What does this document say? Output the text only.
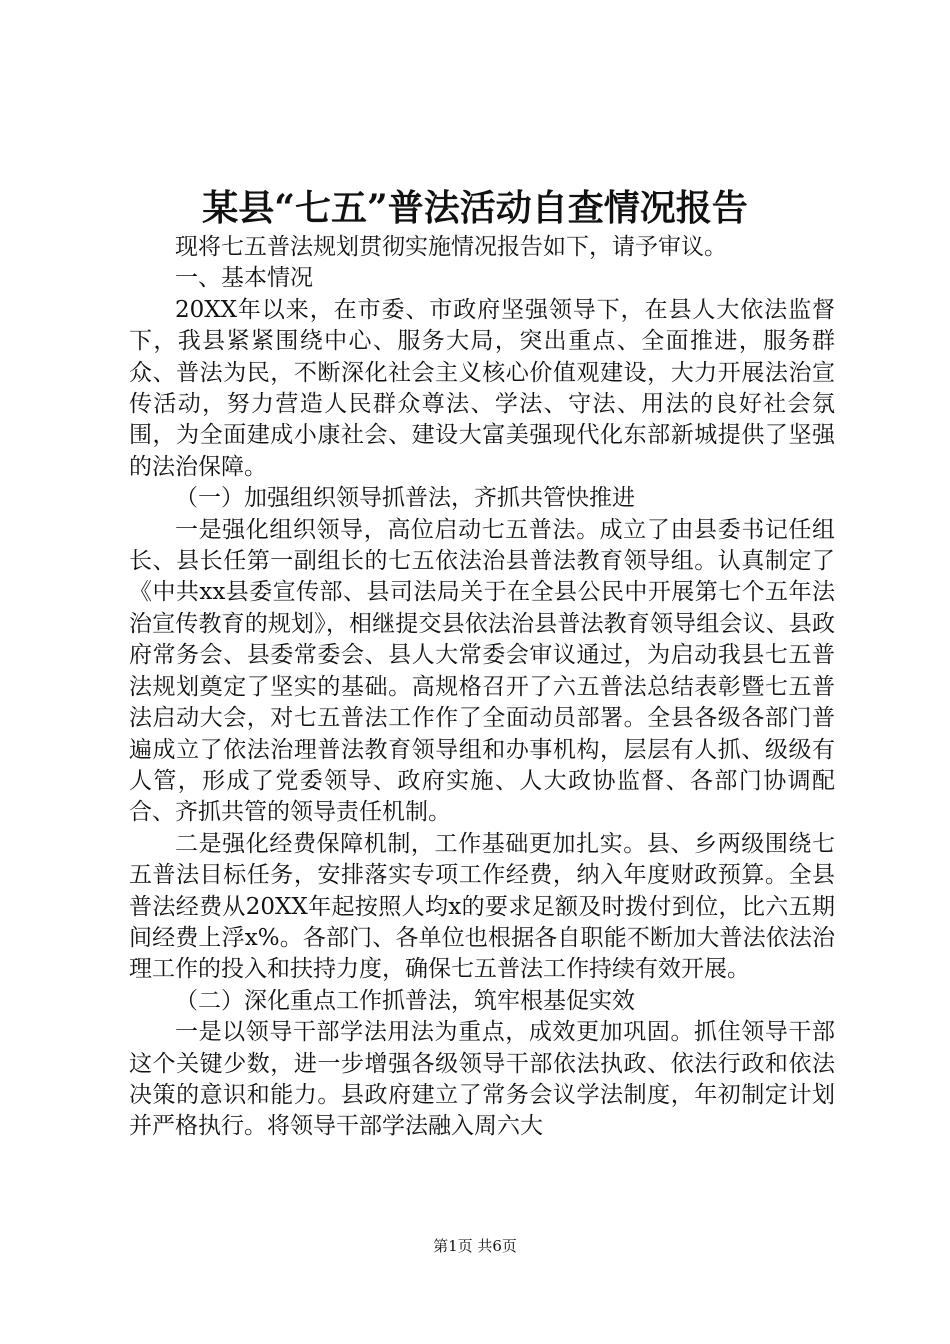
某县“七五”普法活动自查情况报告

现将七五普法规划贯彻实施情况报告如下，请予审议。

一、基本情况

20XX年以来，在市委、市政府坚强领导下，在县人大依法监督下，我县紧紧围绕中心、服务大局，突出重点、全面推进，服务群众、普法为民，不断深化社会主义核心价值观建设，大力开展法治宣传活动，努力营造人民群众尊法、学法、守法、用法的良好社会氛围，为全面建成小康社会、建设大富美强现代化东部新城提供了坚强的法治保障。

（一）加强组织领导抓普法，齐抓共管快推进

一是强化组织领导，高位启动七五普法。成立了由县委书记任组长、县长任第一副组长的七五依法治县普法教育领导组。认真制定了《中共xx县委宣传部、县司法局关于在全县公民中开展第七个五年法治宣传教育的规划》，相继提交县依法治县普法教育领导组会议、县政府常务会、县委常委会、县人大常委会审议通过，为启动我县七五普法规划奠定了坚实的基础。高规格召开了六五普法总结表彰暨七五普法启动大会，对七五普法工作作了全面动员部署。全县各级各部门普遍成立了依法治理普法教育领导组和办事机构，层层有人抓、级级有人管，形成了党委领导、政府实施、人大政协监督、各部门协调配合、齐抓共管的领导责任机制。

二是强化经费保障机制，工作基础更加扎实。县、乡两级围绕七五普法目标任务，安排落实专项工作经费，纳入年度财政预算。全县普法经费从20XX年起按照人均x的要求足额及时拨付到位，比六五期间经费上浮x%。各部门、各单位也根据各自职能不断加大普法依法治理工作的投入和扶持力度，确保七五普法工作持续有效开展。

（二）深化重点工作抓普法，筑牢根基促实效

一是以领导干部学法用法为重点，成效更加巩固。抓住领导干部这个关键少数，进一步增强各级领导干部依法执政、依法行政和依法决策的意识和能力。县政府建立了常务会议学法制度，年初制定计划并严格执行。将领导干部学法融入周六大

第1页 共6页
